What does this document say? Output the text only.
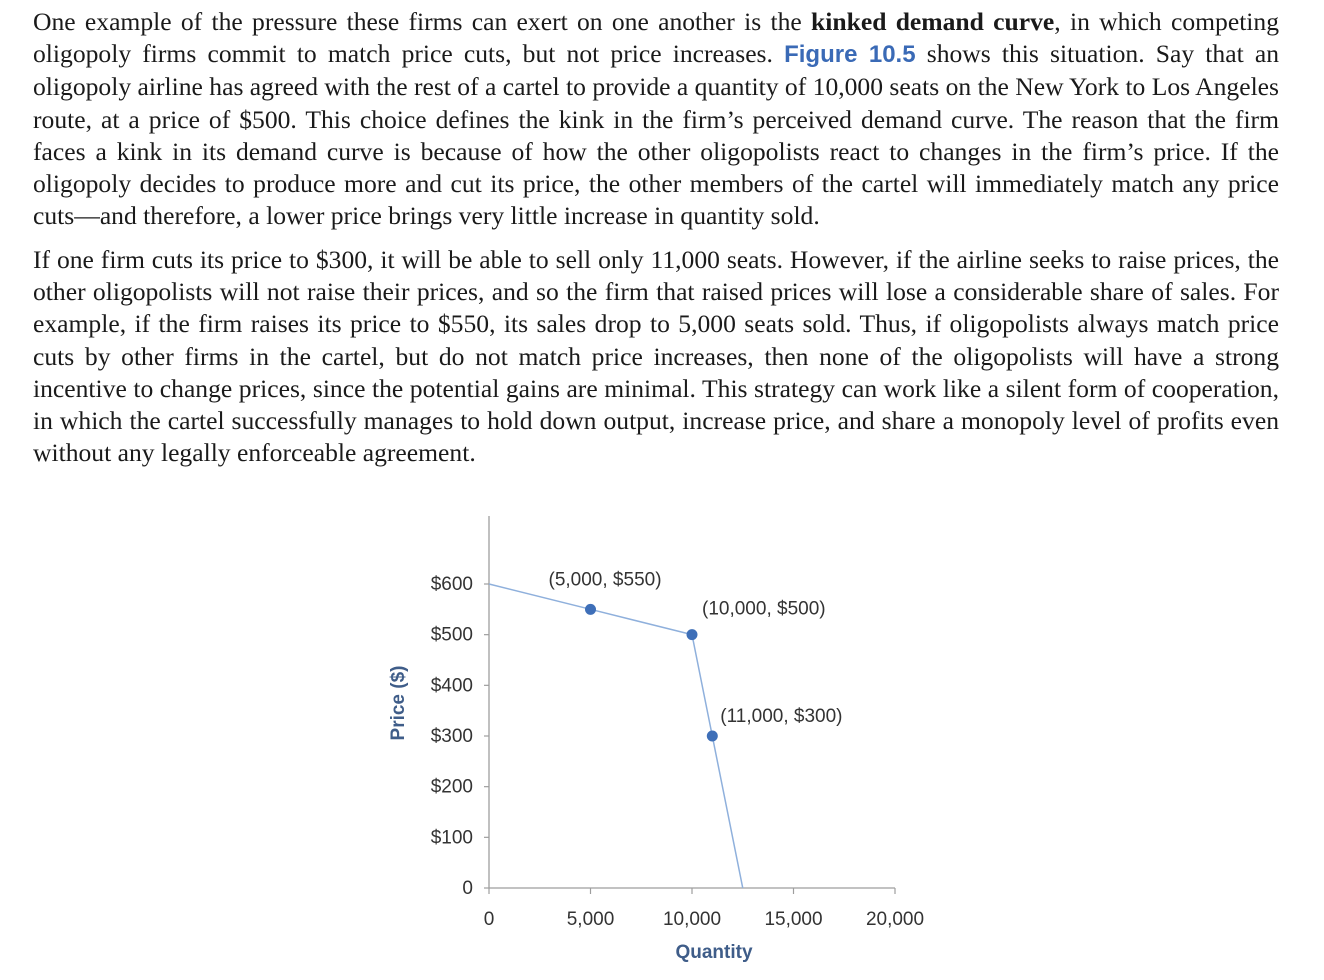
One example of the pressure these firms can exert on one another is the kinked demand curve, in which competing oligopoly firms commit to match price cuts, but not price increases. Figure 10.5 shows this situation. Say that an oligopoly airline has agreed with the rest of a cartel to provide a quantity of 10,000 seats on the New York to Los Angeles route, at a price of $500. This choice defines the kink in the firm’s perceived demand curve. The reason that the firm faces a kink in its demand curve is because of how the other oligopolists react to changes in the firm’s price. If the oligopoly decides to produce more and cut its price, the other members of the cartel will immediately match any price cuts—and therefore, a lower price brings very little increase in quantity sold.

If one firm cuts its price to $300, it will be able to sell only 11,000 seats. However, if the airline seeks to raise prices, the other oligopolists will not raise their prices, and so the firm that raised prices will lose a considerable share of sales. For example, if the firm raises its price to $550, its sales drop to 5,000 seats sold. Thus, if oligopolists always match price cuts by other firms in the cartel, but do not match price increases, then none of the oligopolists will have a strong incentive to change prices, since the potential gains are minimal. This strategy can work like a silent form of cooperation, in which the cartel successfully manages to hold down output, increase price, and share a monopoly level of profits even without any legally enforceable agreement.

0
$100
$200
$300
$400
$500
$600
0	5,000	10,000 15,000 20,000
(5,000, $550)
(10,000, $500)
(11,000, $300)
Price ($)
Quantity
